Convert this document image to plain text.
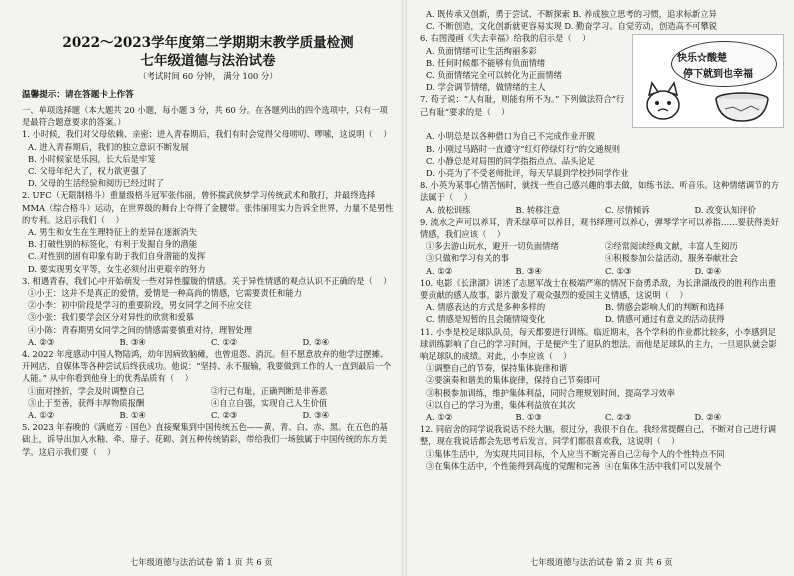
2022～2023学年度第二学期期末教学质量检测
七年级道德与法治试卷
（考试时间 60 分钟， 满分 100 分）
温馨提示：请在答题卡上作答
一、单项选择题（本大题共 20 小题，每小题 3 分，共 60 分。在各题列出的四个选项中，只有一项是最符合题意要求的答案。）

1. 小时候，我们对父母依赖、亲密；进入青春期后，我们有时会觉得父母唠叨、啰嗦，这说明（    ）

A. 进入青春期后，我们的独立意识不断发展

B. 小时候家是乐园，长大后是牢笼

C. 父母年纪大了，权力欲更强了

D. 父母的生活经验和阅历已经过时了

2. UFC（无限制格斗）重量级格斗冠军张伟丽，曾怀揣武侠梦学习传统武术和散打，并最终选择 MMA（综合格斗）运动，在世界级的舞台上夺得了金腰带。张伟丽用实力告诉全世界，力量不是男性的专利。这启示我们（    ）

A. 男生和女生在生理特征上的差异在逐渐消失

B. 打破性别的标签化，有利于发掘自身的潜能

C. 对性别的固有印象有助于我们自身潜能的发挥

D. 要实现男女平等，女生必须付出更艰辛的努力

3. 相遇青春，我们心中开始萌发一些对异性朦胧的情感。关于异性情感的观点认识不正确的是（    ）

①小王：这并不是真正的爱情，爱情是一种高尚的情感，它需要责任和能力

②小李：初中阶段是学习的重要阶段，男女同学之间不应交往

③小张：我们要学会区分对异性的欣赏和爱慕

④小陈：青春期男女同学之间的情感需要慎重对待，理智处理

A. ②③	B. ③④	C. ①②	D. ②④

4. 2022 年度感动中国人物陆鸿，幼年因病致脑瘫，也曾退怨、消沉。但不愿意放弃的他学过摆摊、开网店、自媒体等各种尝试后终获成功。他说：“坚持、永不服输，我要做到工作的人一直到最后一个人能。” 从中你看到他身上的优秀品质有（    ）

①面对挫折，学会及时调整自己	②行己有耻，正确判断是非善恶
③止于至善，获得丰厚物质报酬	④自立自强，实现自己人生价值
A. ①②	B. ①④	C. ②③	D. ③④

5. 2023 年春晚的《满庭芳 · 国色》直接聚集到中国传统五色——黄、青、白、赤、黑。在五色的基础上，诉导出加入水釉、牵、扉子、花砌、剑五种传统销彩，带给我们一场独属于中国传统的东方美学。这启示我们要（    ）

七年级道德与法治试卷 第 1 页 共 6 页

A. 既传承又创新，勇于尝试、不断探索 B. 养成独立思考的习惯，追求标新立异

C. 不断创造，文化创新就更容易实现 D. 勤奋学习、自觉劳动，创造高不可攀锐

快乐☆酸楚
停下就到也幸福

6. 右图漫画《失去幸福》给我的启示是（    ）

A. 负面情绪可让生活绚丽多彩

B. 任何时候都不能够有负面情绪

C. 负面情绪完全可以转化为正面情绪

D. 学会调节情绪，做情绪的主人

7. 荀子说：“人有耻，则能有所不为。” 下列做法符合“行己有耻”要求的是（    ）

A. 小明总是以各种借口为自己不完成作业开脱

B. 小刚过马路时一直遵守“红灯停绿灯行”的交通规则

C. 小静总是对局围的同学指指点点、品头论足

D. 小亮为了不受老师批评，每天早晨到学校抄同学作业

8. 小英为某事心情苦恼时，就找一些自己感兴趣的事去做，如练书法、听音乐。这种情绪调节的方法属于（    ）

A. 放松训练	B. 转移注意	C. 尽情倾诉	D. 改变认知评价

9. 流水之声可以养耳，青禾绿草可以养目，观书绎理可以养心，弹琴学字可以养指……要获得美好情感，我们应该（    ）

①多去游山玩水，避开一切负面情绪	②经常阅读经典文献，丰富人生阅历
③只做和学习有关的事	④积极参加公益活动，服务奉献社会
A. ①②	B. ③④	C. ①③	D. ②④

10. 电影《长津湖》讲述了志愿军战士在极端严寒的情况下奋勇杀敌，为长津湖战役的胜利作出重要贡献的感人故事。影片激发了观众强烈的爱国主义情感，这说明（    ）

A. 情感表达的方式是多种多样的	B. 情感会影响人们的判断和选择
C. 情感是短暂的且会随情境变化	D. 情感可通过有意义的活动获得

11. 小李是校足球队队员，每天都要进行训练。临近期末，各个学科的作业都比较多，小李感到足球训练影响了自己的学习时间，于是便产生了退队的想法。而他是足球队的主力，一旦退队就会影响足球队的成绩。对此，小李应该（    ）

①调整自己的节奏，保持集体旋律和谐

②要演奏和谐美的集体旋律，保持自己节奏即可

③积极参加训练，维护集体利益，同时合理规划时间，提高学习效率

④以自己的学习为重，集体利益放在其次

A. ①②	B. ①③	C. ②③	D. ②④

12. 同宿舍的同学说我说话不经大脑，很过分，我很不自在。我经常提醒自己，不断对自己进行调整，现在我说话都会先思考后发言，同学们都很喜欢我，这说明（    ）

①集体生活中，为实现共同目标，个人应当不断完善自己 ②每个人的个性特点不同
③在集体生活中，个性能得到高度的觉醒和完善 ④在集体生活中我们可以发展个
七年级道德与法治试卷 第 2 页 共 6 页
